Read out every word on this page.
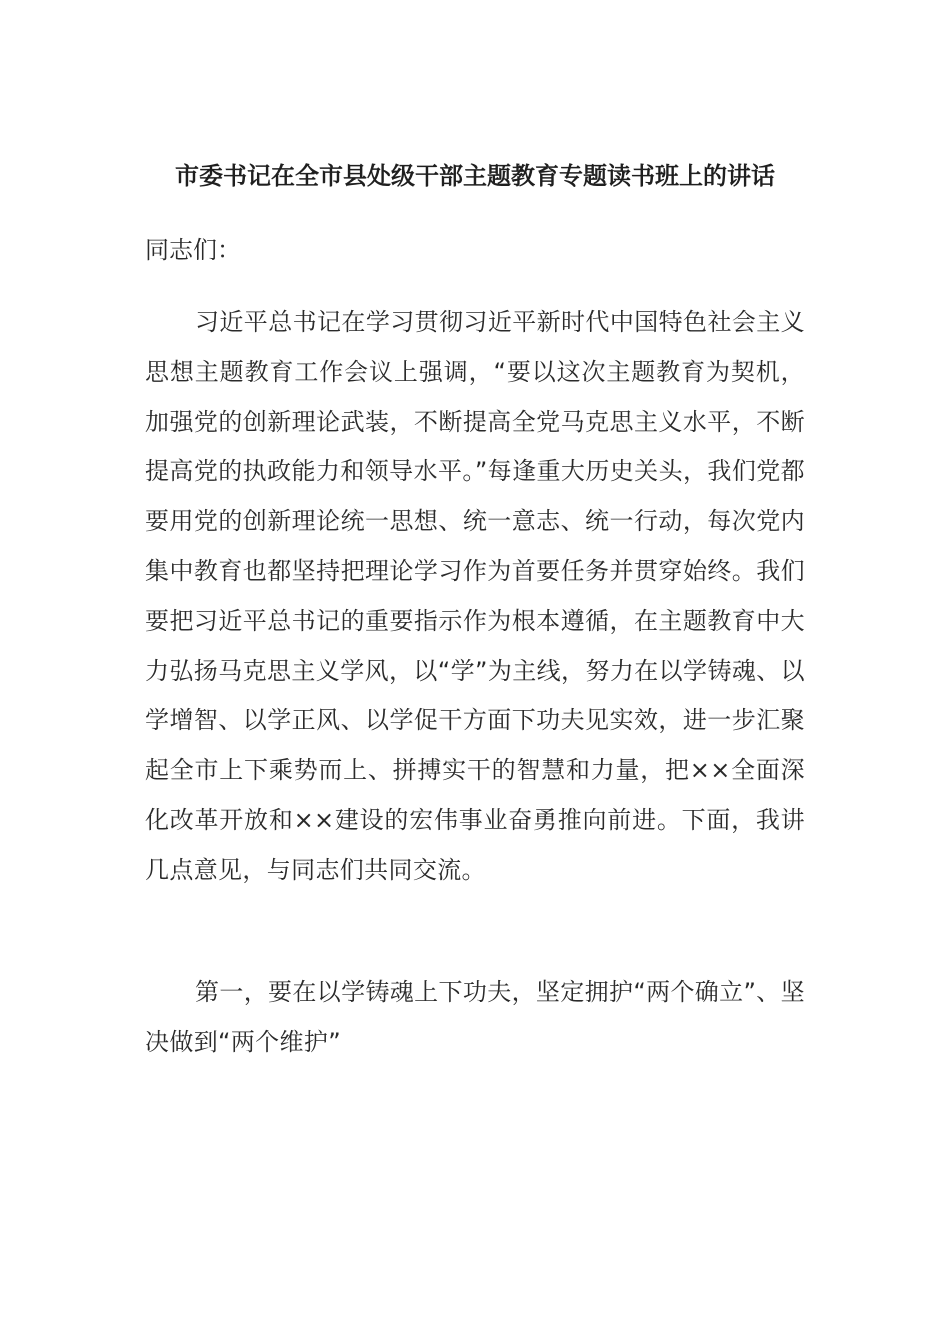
市委书记在全市县处级干部主题教育专题读书班上的讲话
同志们：

习近平总书记在学习贯彻习近平新时代中国特色社会主义思想主题教育工作会议上强调，“要以这次主题教育为契机，加强党的创新理论武装，不断提高全党马克思主义水平，不断提高党的执政能力和领导水平。”每逢重大历史关头，我们党都要用党的创新理论统一思想、统一意志、统一行动，每次党内集中教育也都坚持把理论学习作为首要任务并贯穿始终。我们要把习近平总书记的重要指示作为根本遵循，在主题教育中大力弘扬马克思主义学风，以“学”为主线，努力在以学铸魂、以学增智、以学正风、以学促干方面下功夫见实效，进一步汇聚起全市上下乘势而上、拼搏实干的智慧和力量，把××全面深化改革开放和××建设的宏伟事业奋勇推向前进。下面，我讲几点意见，与同志们共同交流。

第一，要在以学铸魂上下功夫，坚定拥护“两个确立”、坚决做到“两个维护”
